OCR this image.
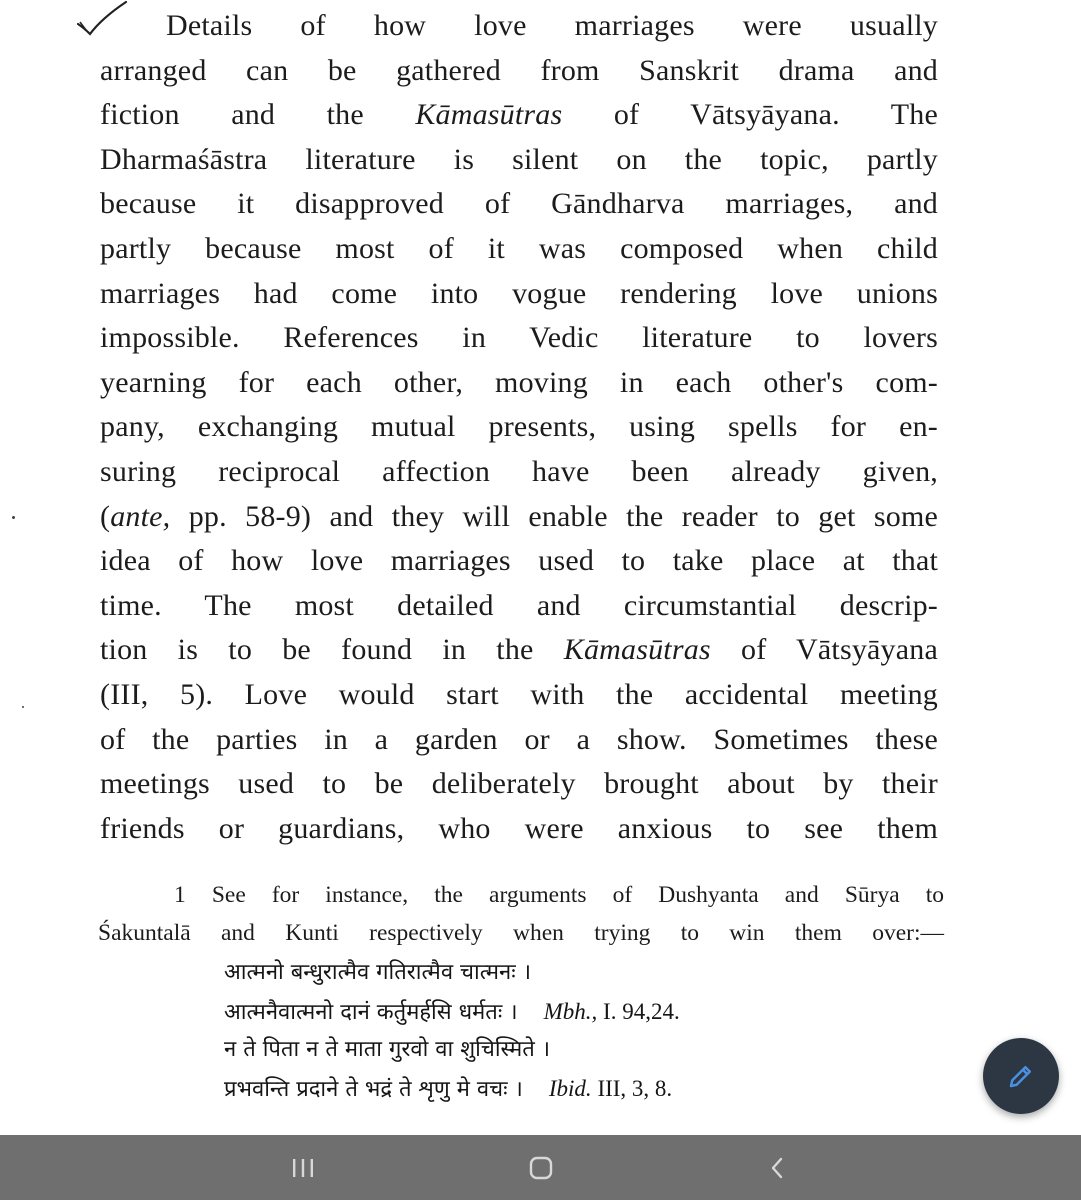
Details of how love marriages were usually
arranged can be gathered from Sanskrit drama and
fiction and the Kāmasūtras of Vātsyāyana. The
Dharmaśāstra literature is silent on the topic, partly
because it disapproved of Gāndharva marriages, and
partly because most of it was composed when child
marriages had come into vogue rendering love unions
impossible. References in Vedic literature to lovers
yearning for each other, moving in each other's com-
pany, exchanging mutual presents, using spells for en-
suring reciprocal affection have been already given,
(ante, pp. 58-9) and they will enable the reader to get some
idea of how love marriages used to take place at that
time. The most detailed and circumstantial descrip-
tion is to be found in the Kāmasūtras of Vātsyāyana
(III, 5). Love would start with the accidental meeting
of the parties in a garden or a show. Sometimes these
meetings used to be deliberately brought about by their
friends or guardians, who were anxious to see them
1 See for instance, the arguments of Dushyanta and Sūrya to
Śakuntalā and Kunti respectively when trying to win them over:—
आत्मनो बन्धुरात्मैव गतिरात्मैव चात्मनः ।
आत्मनैवात्मनो दानं कर्तुमर्हसि धर्मतः । Mbh., I. 94,24.
न ते पिता न ते माता गुरवो वा शुचिस्मिते ।
प्रभवन्ति प्रदाने ते भद्रं ते शृणु मे वचः । Ibid. III, 3, 8.
